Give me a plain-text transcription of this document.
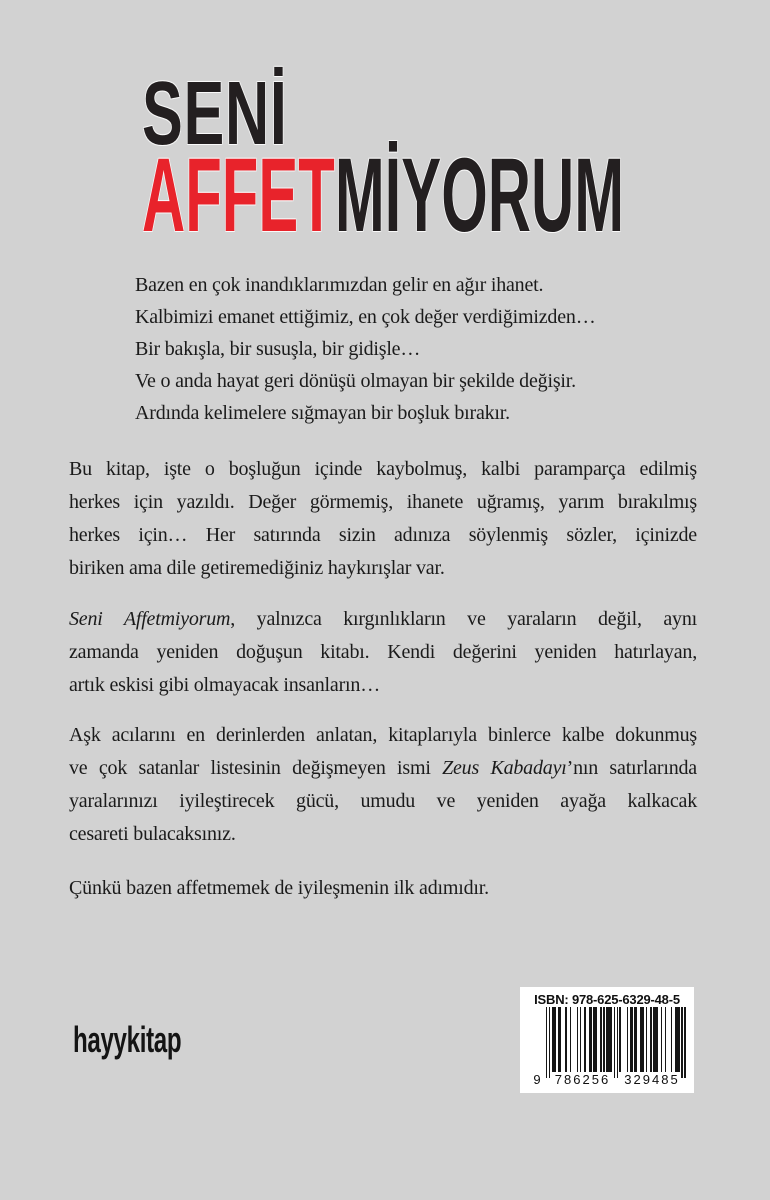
SENİ
AFFETMİYORUM
Bazen en çok inandıklarımızdan gelir en ağır ihanet.
Kalbimizi emanet ettiğimiz, en çok değer verdiğimizden…
Bir bakışla, bir susuşla, bir gidişle…
Ve o anda hayat geri dönüşü olmayan bir şekilde değişir.
Ardında kelimelere sığmayan bir boşluk bırakır.
Bu kitap, işte o boşluğun içinde kaybolmuş, kalbi paramparça edilmiş
herkes için yazıldı. Değer görmemiş, ihanete uğramış, yarım bırakılmış
herkes için… Her satırında sizin adınıza söylenmiş sözler, içinizde
biriken ama dile getiremediğiniz haykırışlar var.
Seni Affetmiyorum, yalnızca kırgınlıkların ve yaraların değil, aynı
zamanda yeniden doğuşun kitabı. Kendi değerini yeniden hatırlayan,
artık eskisi gibi olmayacak insanların…
Aşk acılarını en derinlerden anlatan, kitaplarıyla binlerce kalbe dokunmuş
ve çok satanlar listesinin değişmeyen ismi Zeus Kabadayı’nın satırlarında
yaralarınızı iyileştirecek gücü, umudu ve yeniden ayağa kalkacak
cesareti bulacaksınız.
Çünkü bazen affetmemek de iyileşmenin ilk adımıdır.
hayykitap
ISBN: 978-625-6329-48-5
9 786256	329485
